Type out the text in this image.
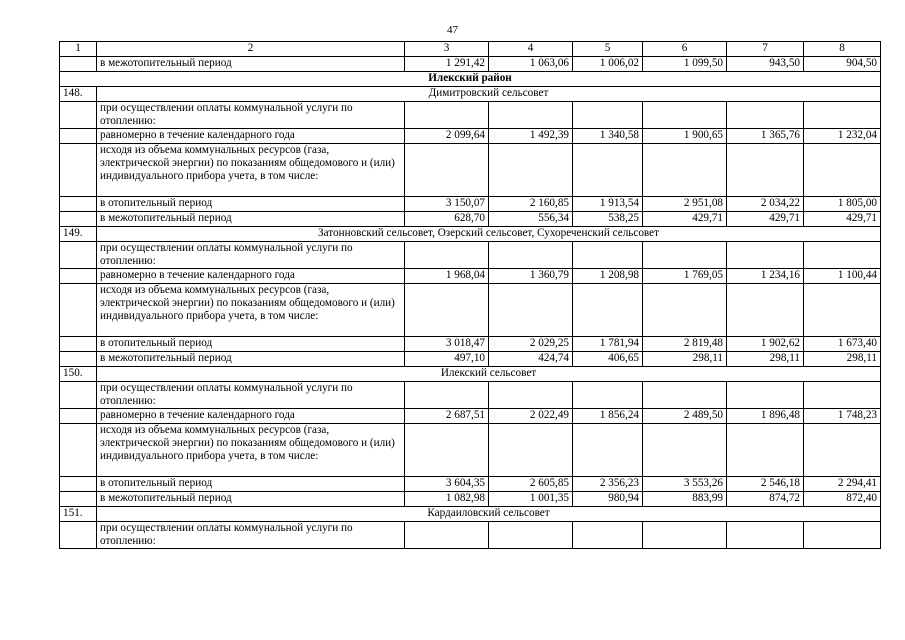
47
1	2	3	4	5	6	7	8
	в межотопительный период	1 291,42	1 063,06	1 006,02	1 099,50	943,50	904,50
Илекский район							
148.	Димитровский сельсовет						
	при осуществлении оплаты коммунальной услуги по отоплению:						
	равномерно в течение календарного года	2 099,64	1 492,39	1 340,58	1 900,65	1 365,76	1 232,04
	исходя из объема коммунальных ресурсов (газа, электрической энергии) по показаниям общедомового и (или) индивидуального прибора учета, в том числе:						
	в отопительный период	3 150,07	2 160,85	1 913,54	2 951,08	2 034,22	1 805,00
	в межотопительный период	628,70	556,34	538,25	429,71	429,71	429,71
149.	Затонновский сельсовет, Озерский сельсовет, Сухореченский сельсовет						
	при осуществлении оплаты коммунальной услуги по отоплению:						
	равномерно в течение календарного года	1 968,04	1 360,79	1 208,98	1 769,05	1 234,16	1 100,44
	исходя из объема коммунальных ресурсов (газа, электрической энергии) по показаниям общедомового и (или) индивидуального прибора учета, в том числе:						
	в отопительный период	3 018,47	2 029,25	1 781,94	2 819,48	1 902,62	1 673,40
	в межотопительный период	497,10	424,74	406,65	298,11	298,11	298,11
150.	Илекский сельсовет						
	при осуществлении оплаты коммунальной услуги по отоплению:						
	равномерно в течение календарного года	2 687,51	2 022,49	1 856,24	2 489,50	1 896,48	1 748,23
	исходя из объема коммунальных ресурсов (газа, электрической энергии) по показаниям общедомового и (или) индивидуального прибора учета, в том числе:						
	в отопительный период	3 604,35	2 605,85	2 356,23	3 553,26	2 546,18	2 294,41
	в межотопительный период	1 082,98	1 001,35	980,94	883,99	874,72	872,40
151.	Кардаиловский сельсовет						
	при осуществлении оплаты коммунальной услуги по отоплению:						
